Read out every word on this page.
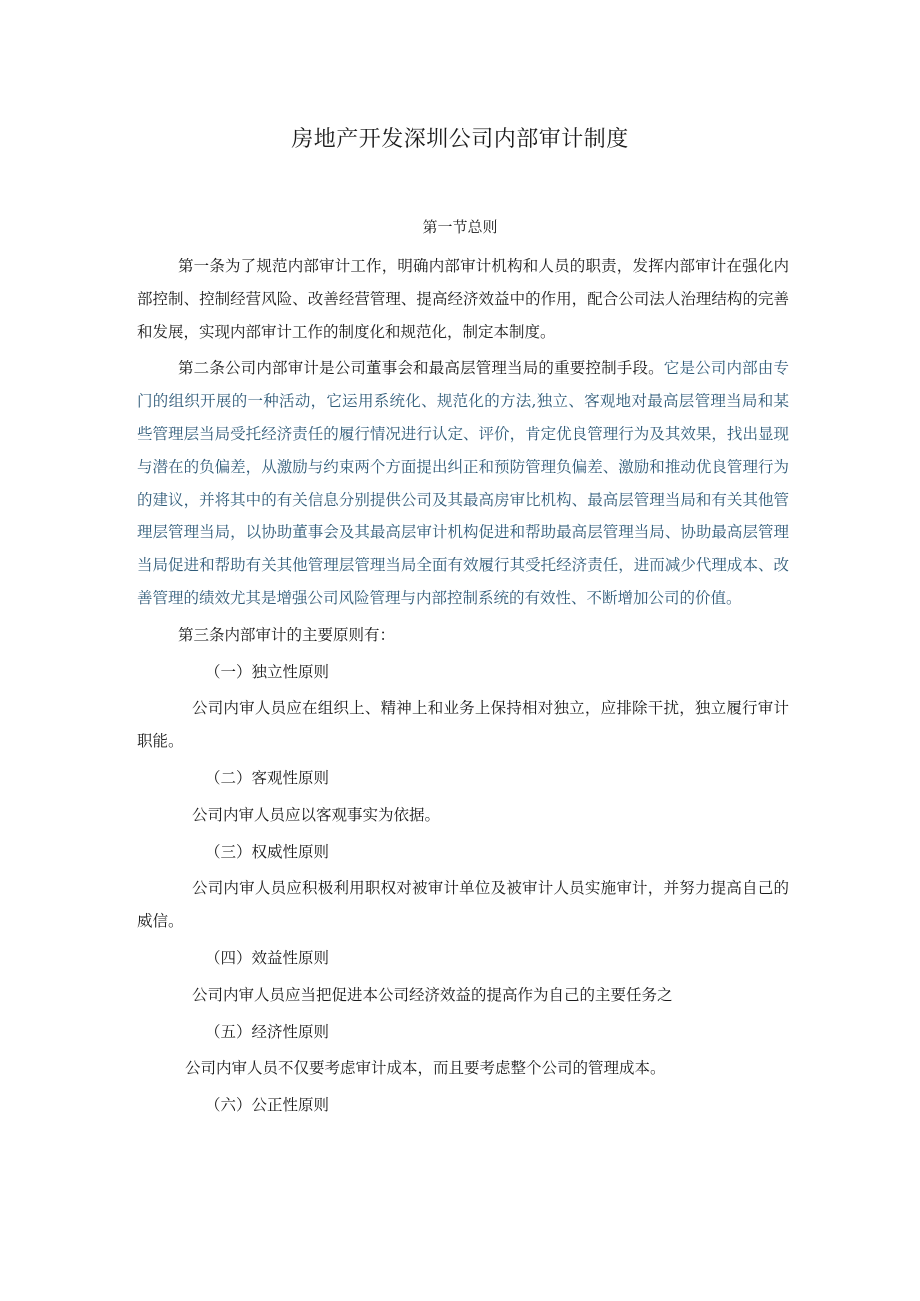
房地产开发深圳公司内部审计制度
第一节总则

第一条为了规范内部审计工作，明确内部审计机构和人员的职责，发挥内部审计在强化内部控制、控制经营风险、改善经营管理、提高经济效益中的作用，配合公司法人治理结构的完善和发展，实现内部审计工作的制度化和规范化，制定本制度。

第二条公司内部审计是公司董事会和最高层管理当局的重要控制手段。它是公司内部由专门的组织开展的一种活动，它运用系统化、规范化的方法,独立、客观地对最高层管理当局和某些管理层当局受托经济责任的履行情况进行认定、评价，肯定优良管理行为及其效果，找出显现与潜在的负偏差，从激励与约束两个方面提出纠正和预防管理负偏差、激励和推动优良管理行为的建议，并将其中的有关信息分别提供公司及其最高房审比机构、最高层管理当局和有关其他管理层管理当局，以协助董事会及其最高层审计机构促进和帮助最高层管理当局、协助最高层管理当局促进和帮助有关其他管理层管理当局全面有效履行其受托经济责任，进而减少代理成本、改善管理的绩效尤其是增强公司风险管理与内部控制系统的有效性、不断增加公司的价值。

第三条内部审计的主要原则有：

（一）独立性原则

公司内审人员应在组织上、精神上和业务上保持相对独立，应排除干扰，独立履行审计职能。

（二）客观性原则

公司内审人员应以客观事实为依据。

（三）权威性原则

公司内审人员应积极利用职权对被审计单位及被审计人员实施审计，并努力提高自己的威信。

（四）效益性原则

公司内审人员应当把促进本公司经济效益的提高作为自己的主要任务之

（五）经济性原则

公司内审人员不仅要考虑审计成本，而且要考虑整个公司的管理成本。

（六）公正性原则
